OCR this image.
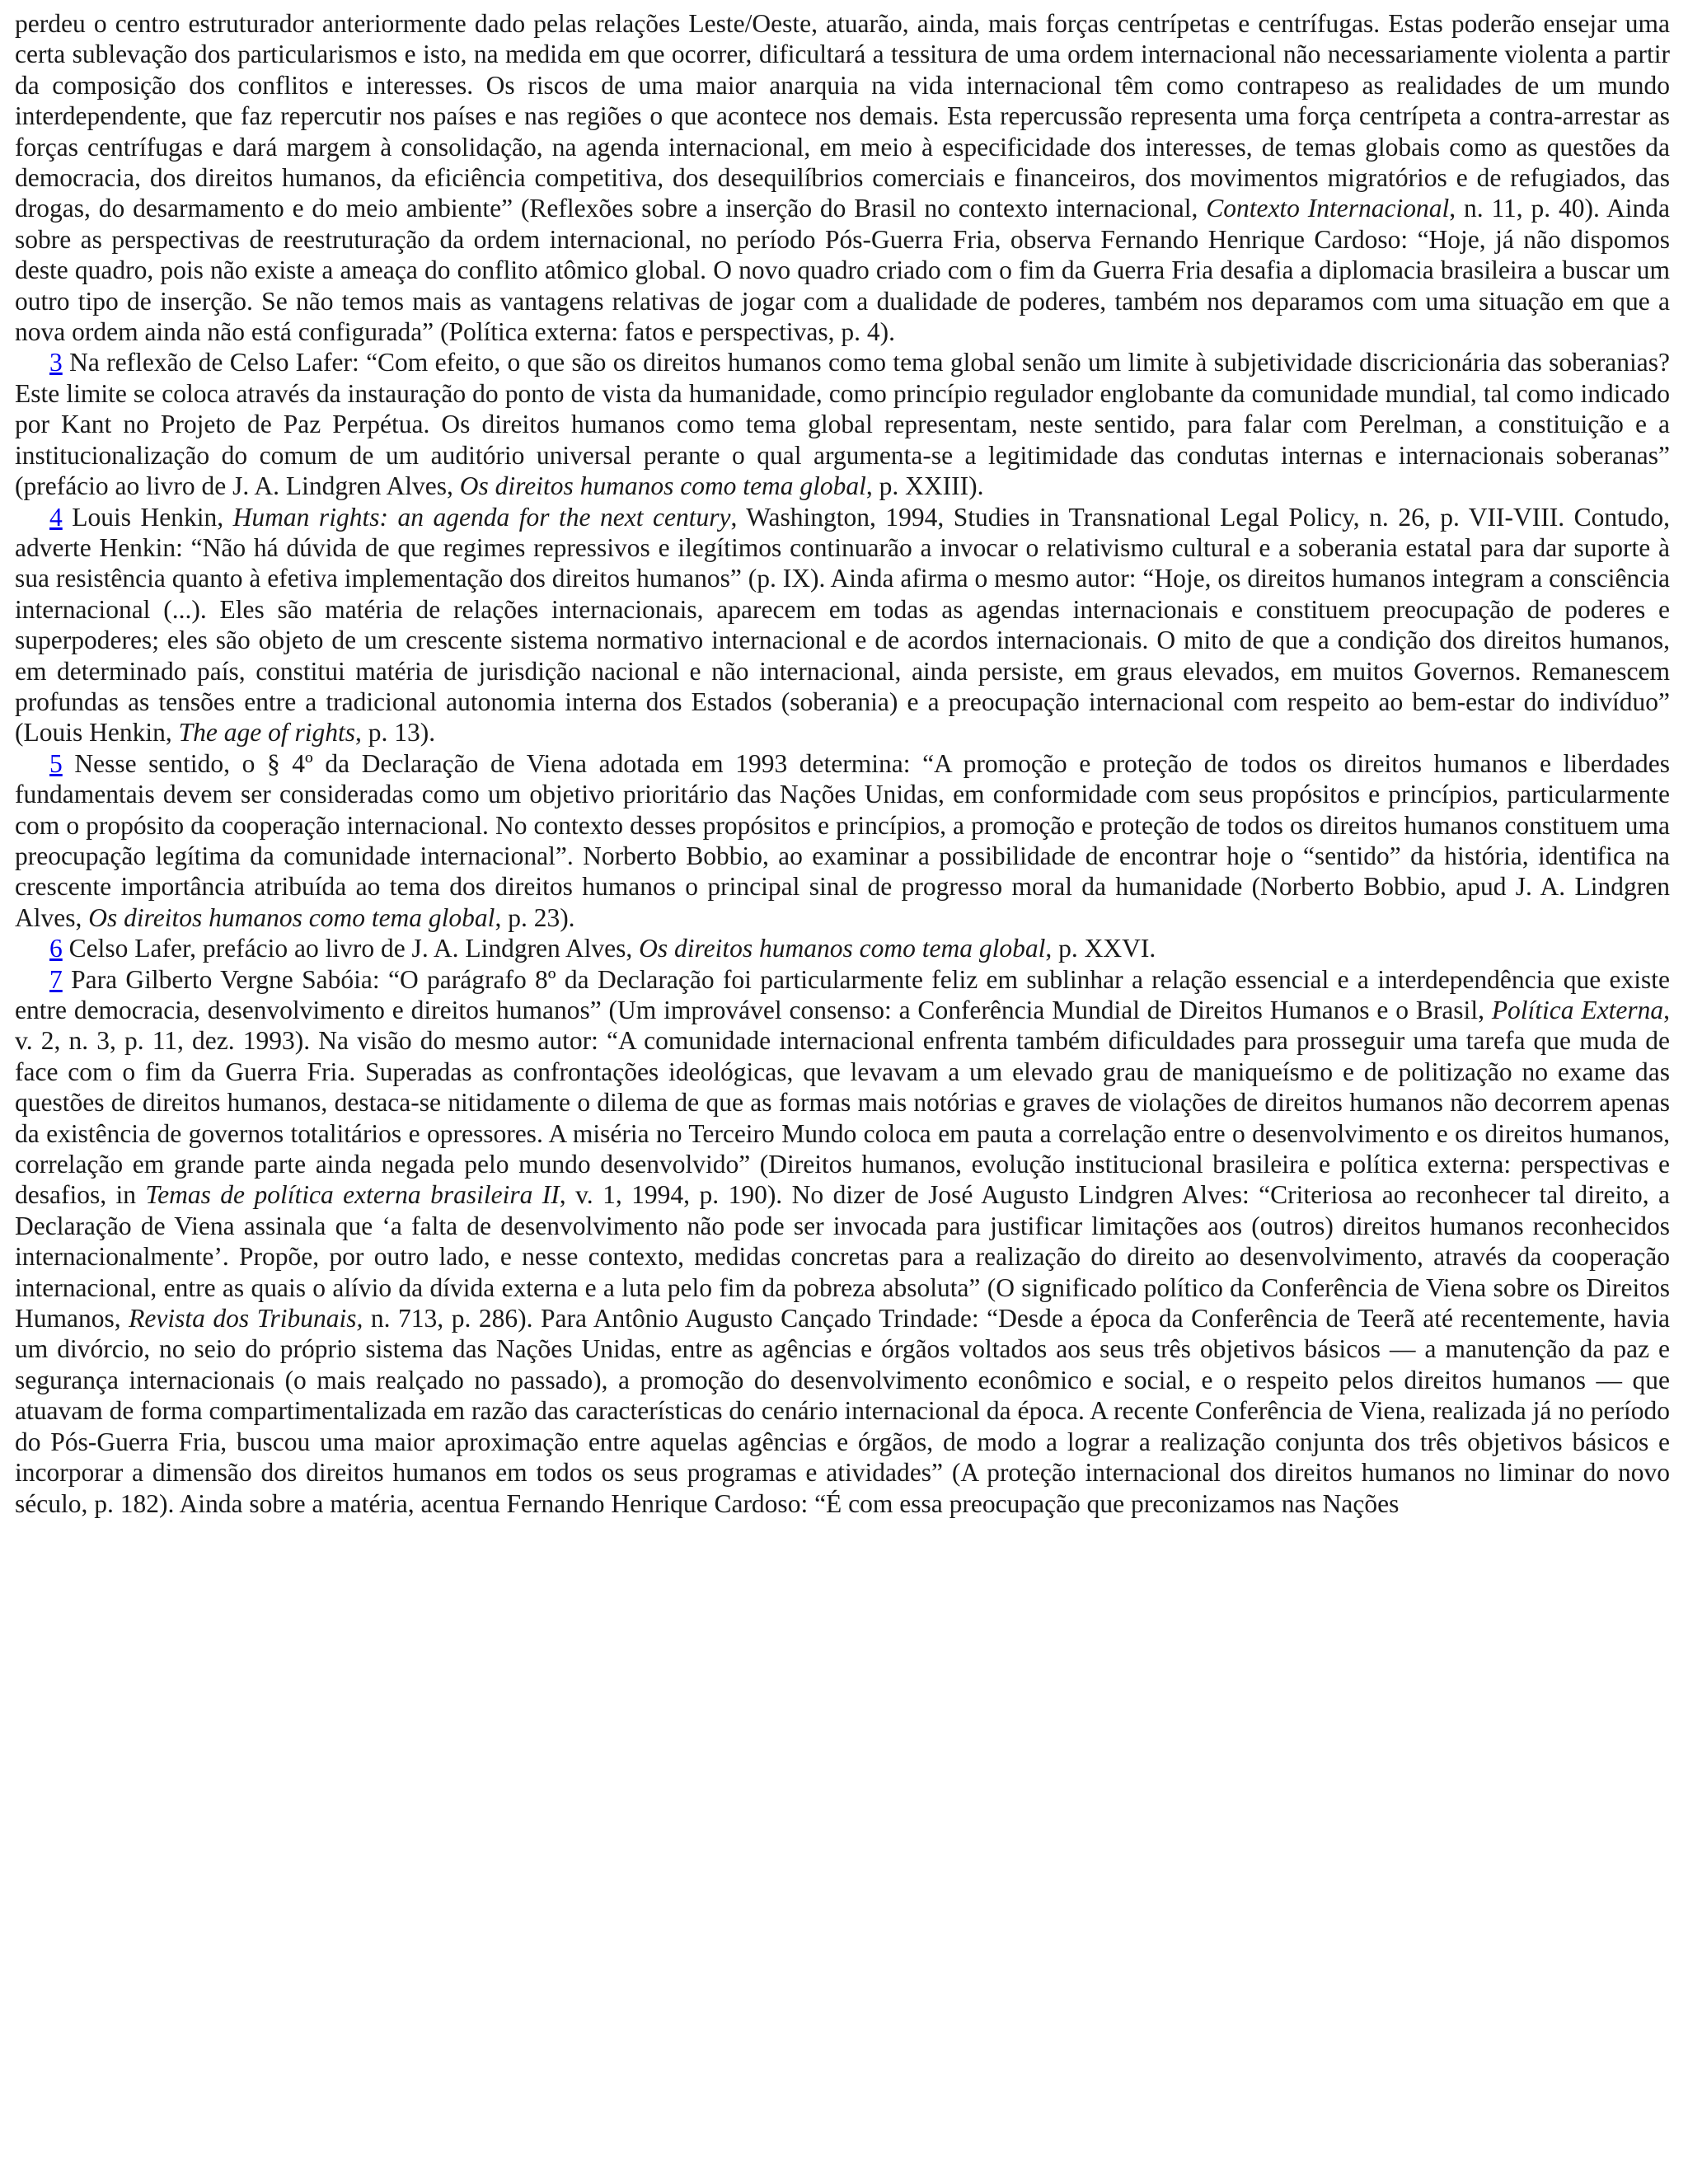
perdeu o centro estruturador anteriormente dado pelas relações Leste/Oeste, atuarão, ainda, mais forças centrípetas e centrífugas. Estas poderão ensejar uma certa sublevação dos particularismos e isto, na medida em que ocorrer, dificultará a tessitura de uma ordem internacional não necessariamente violenta a partir da composição dos conflitos e interesses. Os riscos de uma maior anarquia na vida internacional têm como contrapeso as realidades de um mundo interdependente, que faz repercutir nos países e nas regiões o que acontece nos demais. Esta repercussão representa uma força centrípeta a contra-arrestar as forças centrífugas e dará margem à consolidação, na agenda internacional, em meio à especificidade dos interesses, de temas globais como as questões da democracia, dos direitos humanos, da eficiência competitiva, dos desequilíbrios comerciais e financeiros, dos movimentos migratórios e de refugiados, das drogas, do desarmamento e do meio ambiente” (Reflexões sobre a inserção do Brasil no contexto internacional, Contexto Internacional, n. 11, p. 40). Ainda sobre as perspectivas de reestruturação da ordem internacional, no período Pós-Guerra Fria, observa Fernando Henrique Cardoso: “Hoje, já não dispomos deste quadro, pois não existe a ameaça do conflito atômico global. O novo quadro criado com o fim da Guerra Fria desafia a diplomacia brasileira a buscar um outro tipo de inserção. Se não temos mais as vantagens relativas de jogar com a dualidade de poderes, também nos deparamos com uma situação em que a nova ordem ainda não está configurada” (Política externa: fatos e perspectivas, p. 4).

3 Na reflexão de Celso Lafer: “Com efeito, o que são os direitos humanos como tema global senão um limite à subjetividade discricionária das soberanias? Este limite se coloca através da instauração do ponto de vista da humanidade, como princípio regulador englobante da comunidade mundial, tal como indicado por Kant no Projeto de Paz Perpétua. Os direitos humanos como tema global representam, neste sentido, para falar com Perelman, a constituição e a institucionalização do comum de um auditório universal perante o qual argumenta-se a legitimidade das condutas internas e internacionais soberanas” (prefácio ao livro de J. A. Lindgren Alves, Os direitos humanos como tema global, p. XXIII).

4 Louis Henkin, Human rights: an agenda for the next century, Washington, 1994, Studies in Transnational Legal Policy, n. 26, p. VII-VIII. Contudo, adverte Henkin: “Não há dúvida de que regimes repressivos e ilegítimos continuarão a invocar o relativismo cultural e a soberania estatal para dar suporte à sua resistência quanto à efetiva implementação dos direitos humanos” (p. IX). Ainda afirma o mesmo autor: “Hoje, os direitos humanos integram a consciência internacional (...). Eles são matéria de relações internacionais, aparecem em todas as agendas internacionais e constituem preocupação de poderes e superpoderes; eles são objeto de um crescente sistema normativo internacional e de acordos internacionais. O mito de que a condição dos direitos humanos, em determinado país, constitui matéria de jurisdição nacional e não internacional, ainda persiste, em graus elevados, em muitos Governos. Remanescem profundas as tensões entre a tradicional autonomia interna dos Estados (soberania) e a preocupação internacional com respeito ao bem-estar do indivíduo” (Louis Henkin, The age of rights, p. 13).

5 Nesse sentido, o § 4º da Declaração de Viena adotada em 1993 determina: “A promoção e proteção de todos os direitos humanos e liberdades fundamentais devem ser consideradas como um objetivo prioritário das Nações Unidas, em conformidade com seus propósitos e princípios, particularmente com o propósito da cooperação internacional. No contexto desses propósitos e princípios, a promoção e proteção de todos os direitos humanos constituem uma preocupação legítima da comunidade internacional”. Norberto Bobbio, ao examinar a possibilidade de encontrar hoje o “sentido” da história, identifica na crescente importância atribuída ao tema dos direitos humanos o principal sinal de progresso moral da humanidade (Norberto Bobbio, apud J. A. Lindgren Alves, Os direitos humanos como tema global, p. 23).

6 Celso Lafer, prefácio ao livro de J. A. Lindgren Alves, Os direitos humanos como tema global, p. XXVI.

7 Para Gilberto Vergne Sabóia: “O parágrafo 8º da Declaração foi particularmente feliz em sublinhar a relação essencial e a interdependência que existe entre democracia, desenvolvimento e direitos humanos” (Um improvável consenso: a Conferência Mundial de Direitos Humanos e o Brasil, Política Externa, v. 2, n. 3, p. 11, dez. 1993). Na visão do mesmo autor: “A comunidade internacional enfrenta também dificuldades para prosseguir uma tarefa que muda de face com o fim da Guerra Fria. Superadas as confrontações ideológicas, que levavam a um elevado grau de maniqueísmo e de politização no exame das questões de direitos humanos, destaca-se nitidamente o dilema de que as formas mais notórias e graves de violações de direitos humanos não decorrem apenas da existência de governos totalitários e opressores. A miséria no Terceiro Mundo coloca em pauta a correlação entre o desenvolvimento e os direitos humanos, correlação em grande parte ainda negada pelo mundo desenvolvido” (Direitos humanos, evolução institucional brasileira e política externa: perspectivas e desafios, in Temas de política externa brasileira II, v. 1, 1994, p. 190). No dizer de José Augusto Lindgren Alves: “Criteriosa ao reconhecer tal direito, a Declaração de Viena assinala que ‘a falta de desenvolvimento não pode ser invocada para justificar limitações aos (outros) direitos humanos reconhecidos internacionalmente’. Propõe, por outro lado, e nesse contexto, medidas concretas para a realização do direito ao desenvolvimento, através da cooperação internacional, entre as quais o alívio da dívida externa e a luta pelo fim da pobreza absoluta” (O significado político da Conferência de Viena sobre os Direitos Humanos, Revista dos Tribunais, n. 713, p. 286). Para Antônio Augusto Cançado Trindade: “Desde a época da Conferência de Teerã até recentemente, havia um divórcio, no seio do próprio sistema das Nações Unidas, entre as agências e órgãos voltados aos seus três objetivos básicos — a manutenção da paz e segurança internacionais (o mais realçado no passado), a promoção do desenvolvimento econômico e social, e o respeito pelos direitos humanos — que atuavam de forma compartimentalizada em razão das características do cenário internacional da época. A recente Conferência de Viena, realizada já no período do Pós-Guerra Fria, buscou uma maior aproximação entre aquelas agências e órgãos, de modo a lograr a realização conjunta dos três objetivos básicos e incorporar a dimensão dos direitos humanos em todos os seus programas e atividades” (A proteção internacional dos direitos humanos no liminar do novo século, p. 182). Ainda sobre a matéria, acentua Fernando Henrique Cardoso: “É com essa preocupação que preconizamos nas Nações
